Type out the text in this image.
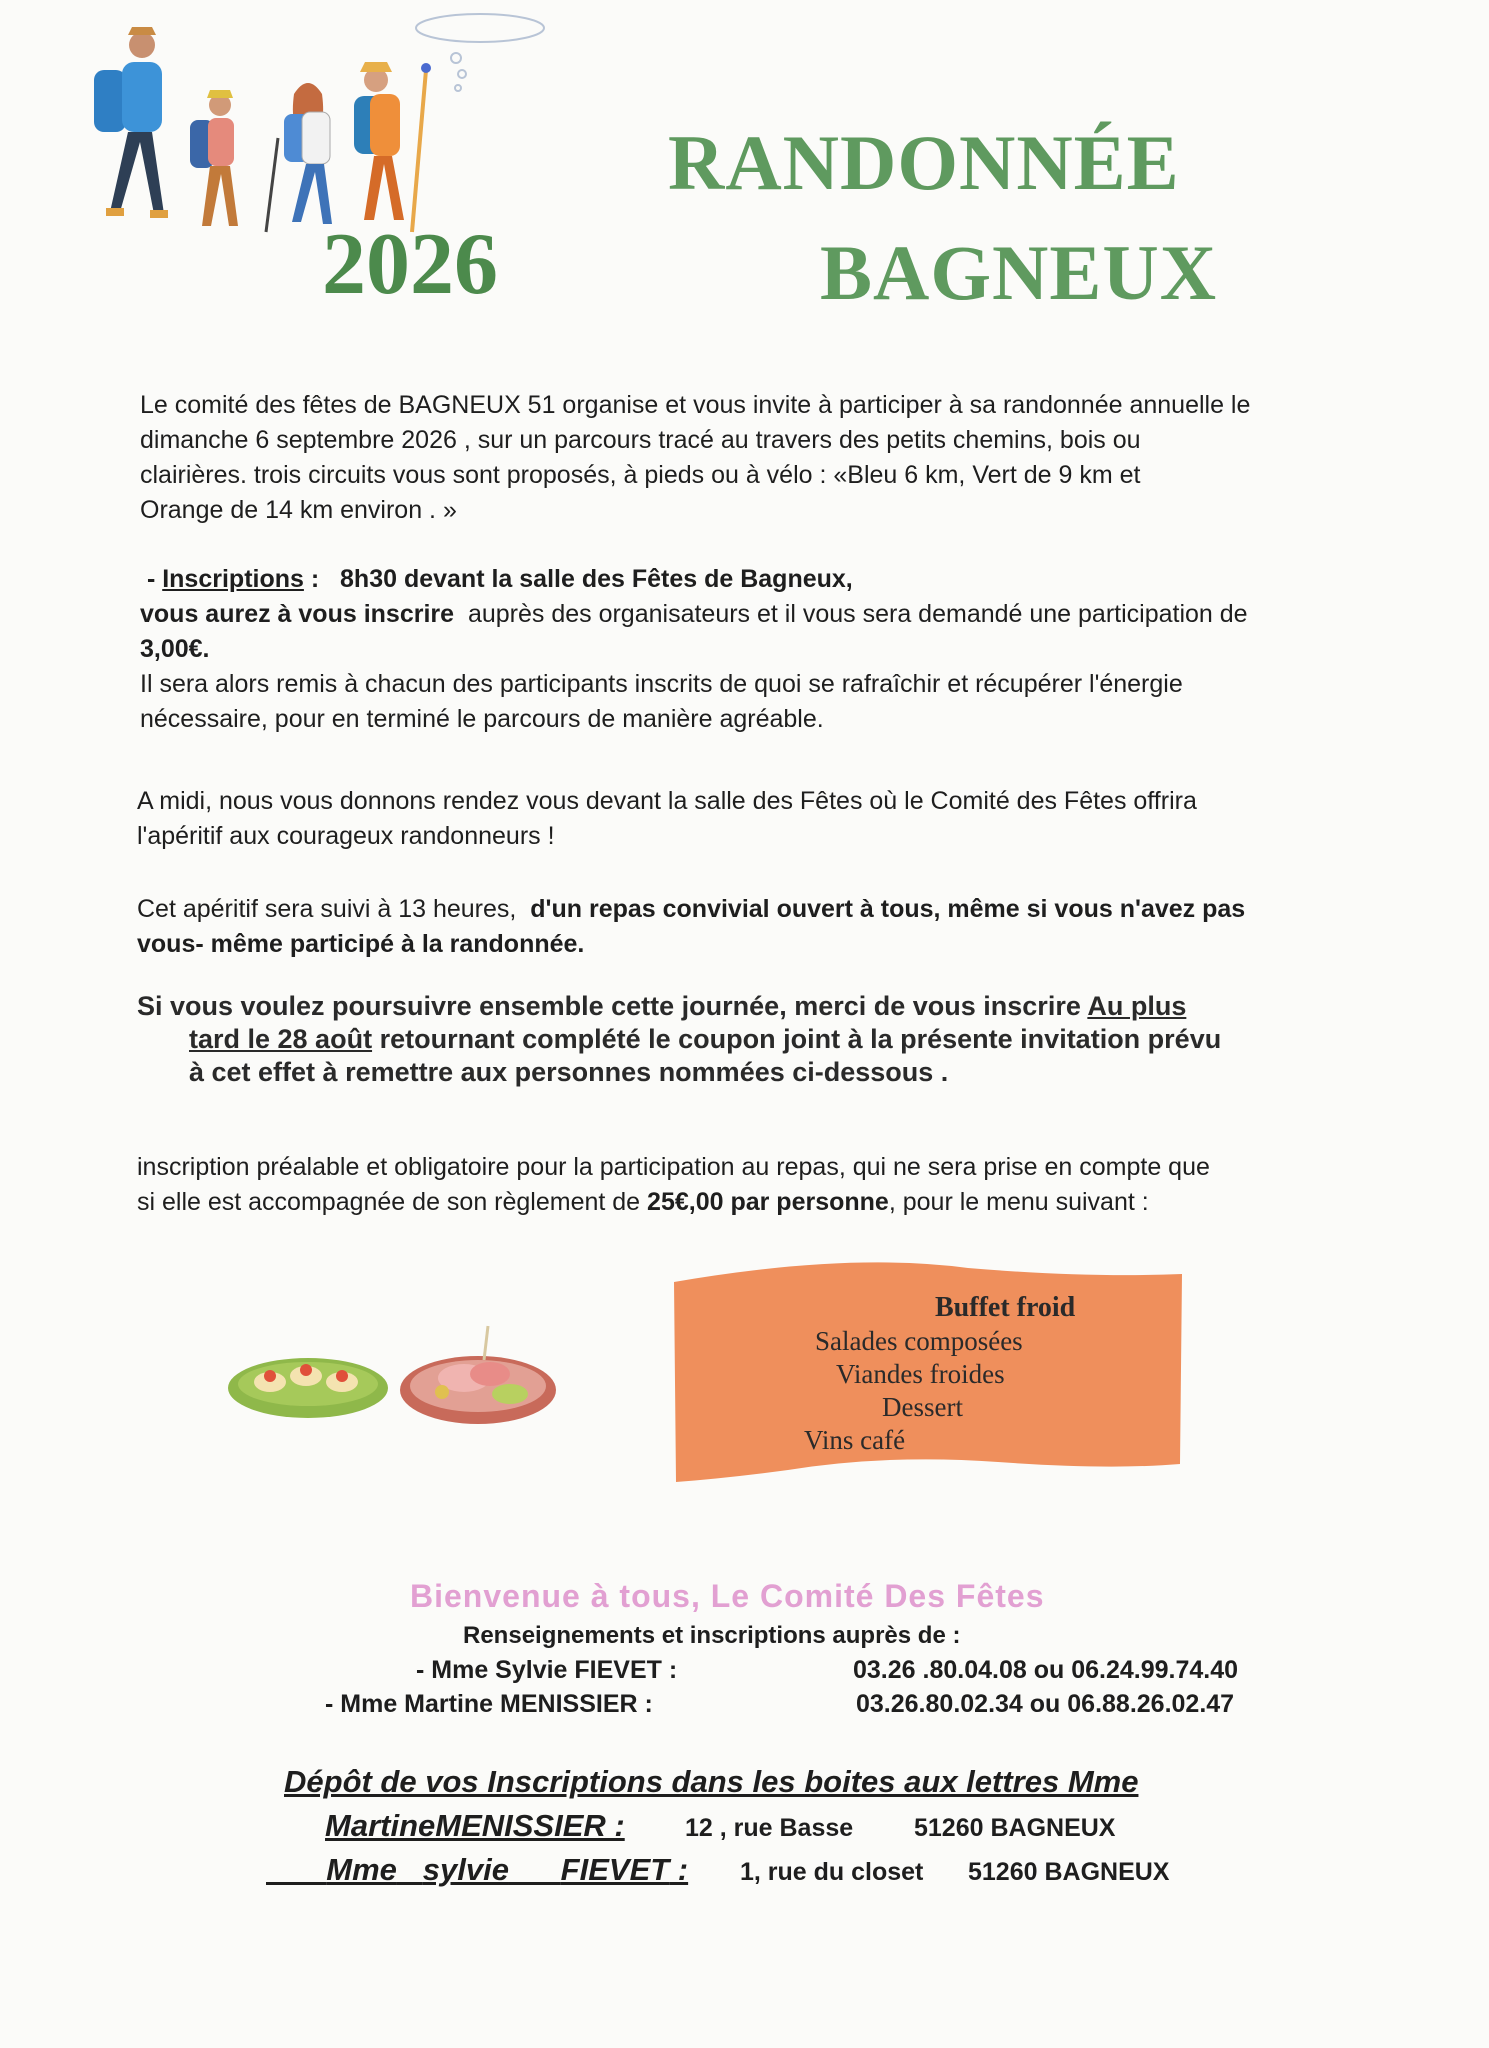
2026
RANDONNÉE
BAGNEUX
Le comité des fêtes de BAGNEUX 51 organise et vous invite à participer à sa randonnée annuelle le
dimanche 6 septembre 2026 , sur un parcours tracé au travers des petits chemins, bois ou
clairières. trois circuits vous sont proposés, à pieds ou à vélo : «Bleu 6 km, Vert de 9 km et
Orange de 14 km environ . »
- Inscriptions :   8h30 devant la salle des Fêtes de Bagneux,
vous aurez à vous inscrire auprès des organisateurs et il vous sera demandé une participation de
3,00€.
Il sera alors remis à chacun des participants inscrits de quoi se rafraîchir et récupérer l'énergie
nécessaire, pour en terminé le parcours de manière agréable.
A midi, nous vous donnons rendez vous devant la salle des Fêtes où le Comité des Fêtes offrira
l'apéritif aux courageux randonneurs !
Cet apéritif sera suivi à 13 heures, d'un repas convivial ouvert à tous, même si vous n'avez pas
vous- même participé à la randonnée.
Si vous voulez poursuivre ensemble cette journée, merci de vous inscrire Au plus
tard le 28 août retournant complété le coupon joint à la présente invitation prévu
à cet effet à remettre aux personnes nommées ci-dessous .
inscription préalable et obligatoire pour la participation au repas, qui ne sera prise en compte que
si elle est accompagnée de son règlement de 25€,00 par personne, pour le menu suivant :
Buffet froid
Salades composées
Viandes froides
Dessert
Vins café
Bienvenue à tous, Le Comité Des Fêtes
Renseignements et inscriptions auprès de :
- Mme Sylvie FIEVET :	03.26 .80.04.08 ou 06.24.99.74.40
- Mme Martine MENISSIER :	03.26.80.02.34 ou 06.88.26.02.47
Dépôt de vos Inscriptions dans les boites aux lettres Mme
MartineMENISSIER : 12 , rue Basse 51260 BAGNEUX
Mme sylvie FIEVET : 1, rue du closet 51260 BAGNEUX
